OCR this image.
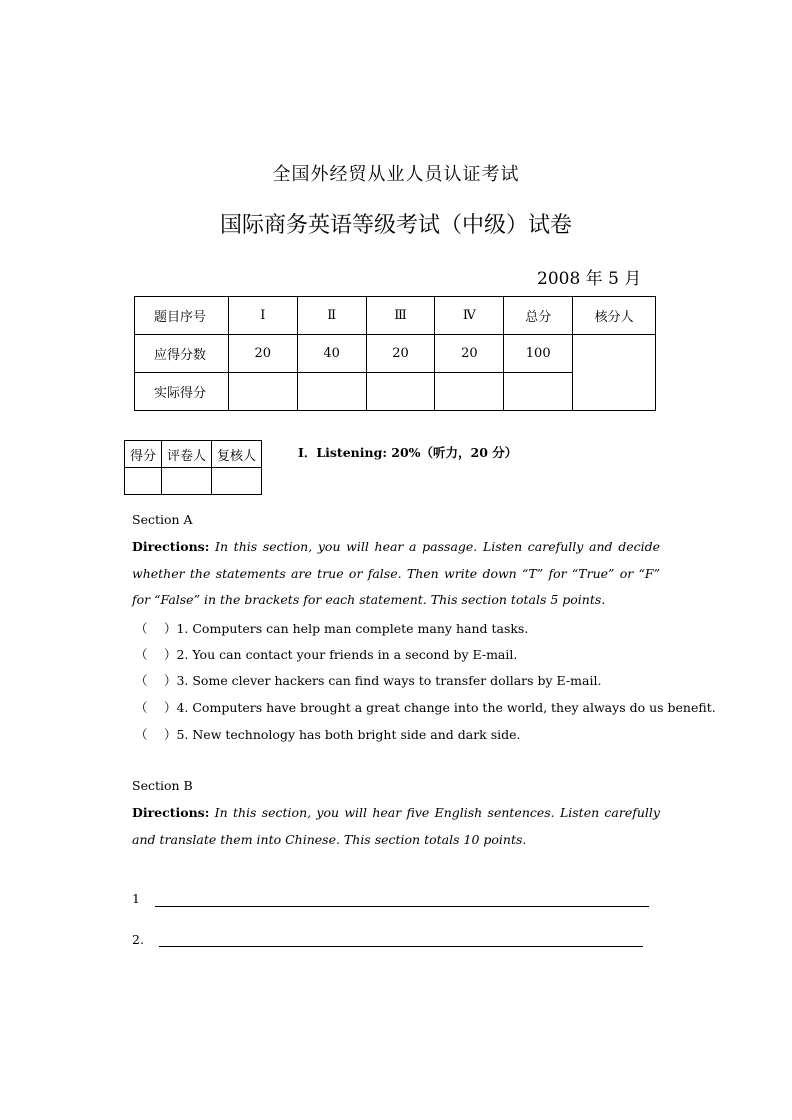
全国外经贸从业人员认证考试
国际商务英语等级考试（中级）试卷
2008 年 5 月
题目序号	Ⅰ	Ⅱ	Ⅲ	Ⅳ	总分	核分人
应得分数	20	40	20	20	100	
实际得分						
得分	评卷人	复核人
			Ⅰ．Listening: 20%（听力，20 分）
Section A
Directions: In this section, you will hear a passage. Listen carefully and decide whether the statements are true or false. Then write down “T” for “True” or “F” for “False” in the brackets for each statement. This section totals 5 points.
（　 ）1. Computers can help man complete many hand tasks.
（　 ）2. You can contact your friends in a second by E-mail.
（　 ）3. Some clever hackers can find ways to transfer dollars by E-mail.
（　 ）4. Computers have brought a great change into the world, they always do us benefit.
（　 ）5. New technology has both bright side and dark side.
Section B
Directions: In this section, you will hear five English sentences. Listen carefully and translate them into Chinese. This section totals 10 points.
1
2.
